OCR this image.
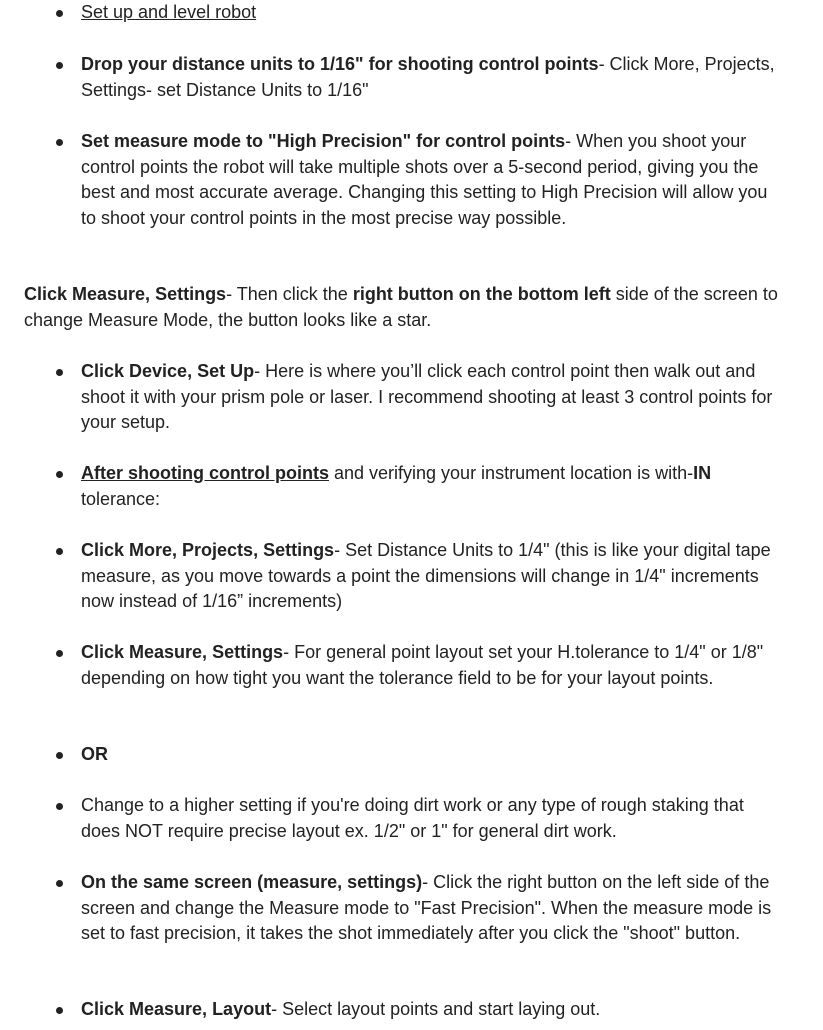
Set up and level robot
Drop your distance units to 1/16" for shooting control points- Click More, Projects, Settings- set Distance Units to 1/16"
Set measure mode to "High Precision" for control points- When you shoot your control points the robot will take multiple shots over a 5-second period, giving you the best and most accurate average. Changing this setting to High Precision will allow you to shoot your control points in the most precise way possible.
Click Measure, Settings- Then click the right button on the bottom left side of the screen to change Measure Mode, the button looks like a star.
Click Device, Set Up- Here is where you’ll click each control point then walk out and shoot it with your prism pole or laser. I recommend shooting at least 3 control points for your setup.
After shooting control points and verifying your instrument location is with-IN tolerance:
Click More, Projects, Settings- Set Distance Units to 1/4" (this is like your digital tape measure, as you move towards a point the dimensions will change in 1/4" increments now instead of 1/16” increments)
Click Measure, Settings- For general point layout set your H.tolerance to 1/4" or 1/8" depending on how tight you want the tolerance field to be for your layout points.
OR
Change to a higher setting if you're doing dirt work or any type of rough staking that does NOT require precise layout ex. 1/2" or 1" for general dirt work.
On the same screen (measure, settings)- Click the right button on the left side of the screen and change the Measure mode to "Fast Precision". When the measure mode is set to fast precision, it takes the shot immediately after you click the "shoot" button.
Click Measure, Layout- Select layout points and start laying out.
